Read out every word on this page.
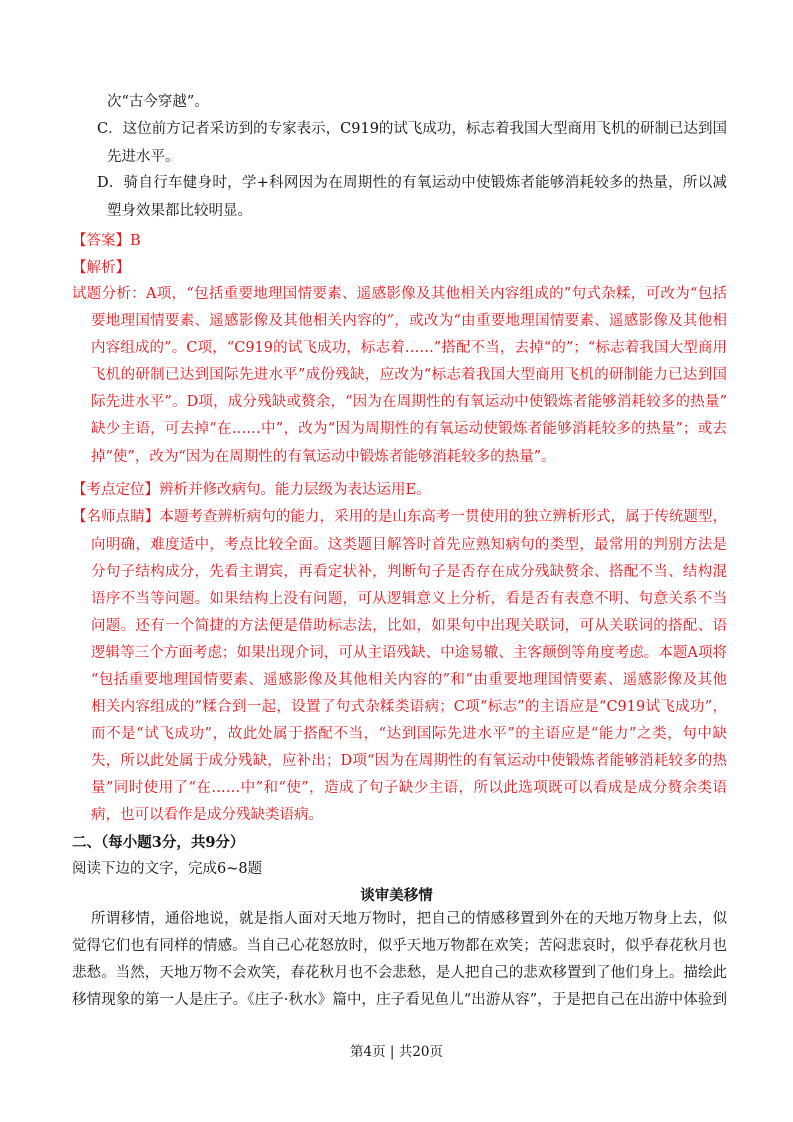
次“古今穿越”。
C．这位前方记者采访到的专家表示，C919的试飞成功，标志着我国大型商用飞机的研制已达到国
先进水平。
D．骑自行车健身时，学+科网因为在周期性的有氧运动中使锻炼者能够消耗较多的热量，所以减
塑身效果都比较明显。
【答案】B
【解析】
试题分析：A项，“包括重要地理国情要素、遥感影像及其他相关内容组成的”句式杂糅，可改为“包括
要地理国情要素、遥感影像及其他相关内容的”，或改为“由重要地理国情要素、遥感影像及其他相
内容组成的”。C项，“C919的试飞成功，标志着……”搭配不当，去掉“的”；“标志着我国大型商用
飞机的研制已达到国际先进水平”成份残缺，应改为“标志着我国大型商用飞机的研制能力已达到国
际先进水平”。D项，成分残缺或赘余，“因为在周期性的有氧运动中使锻炼者能够消耗较多的热量”
缺少主语，可去掉“在……中”，改为“因为周期性的有氧运动使锻炼者能够消耗较多的热量”；或去
掉“使”，改为“因为在周期性的有氧运动中锻炼者能够消耗较多的热量”。
【考点定位】辨析并修改病句。能力层级为表达运用E。
【名师点睛】本题考查辨析病句的能力，采用的是山东高考一贯使用的独立辨析形式，属于传统题型，
向明确，难度适中，考点比较全面。这类题目解答时首先应熟知病句的类型，最常用的判别方法是
分句子结构成分，先看主谓宾，再看定状补，判断句子是否存在成分残缺赘余、搭配不当、结构混
语序不当等问题。如果结构上没有问题，可从逻辑意义上分析，看是否有表意不明、句意关系不当
问题。还有一个简捷的方法便是借助标志法，比如，如果句中出现关联词，可从关联词的搭配、语
逻辑等三个方面考虑；如果出现介词，可从主语残缺、中途易辙、主客颠倒等角度考虑。本题A项将
“包括重要地理国情要素、遥感影像及其他相关内容的”和“由重要地理国情要素、遥感影像及其他
相关内容组成的”糅合到一起，设置了句式杂糅类语病；C项“标志”的主语应是“C919试飞成功”，
而不是“试飞成功”，故此处属于搭配不当，“达到国际先进水平”的主语应是“能力”之类，句中缺
失，所以此处属于成分残缺，应补出；D项“因为在周期性的有氧运动中使锻炼者能够消耗较多的热
量”同时使用了“在……中”和“使”，造成了句子缺少主语，所以此选项既可以看成是成分赘余类语
病，也可以看作是成分残缺类语病。
二、（每小题3分，共9分）
阅读下边的文字，完成6~8题
谈审美移情
所谓移情，通俗地说，就是指人面对天地万物时，把自己的情感移置到外在的天地万物身上去，似
觉得它们也有同样的情感。当自己心花怒放时，似乎天地万物都在欢笑；苦闷悲哀时，似乎春花秋月也
悲愁。当然，天地万物不会欢笑，春花秋月也不会悲愁，是人把自己的悲欢移置到了他们身上。描绘此
移情现象的第一人是庄子。《庄子·秋水》篇中，庄子看见鱼儿“出游从容”，于是把自己在出游中体验到
第4页 | 共20页
